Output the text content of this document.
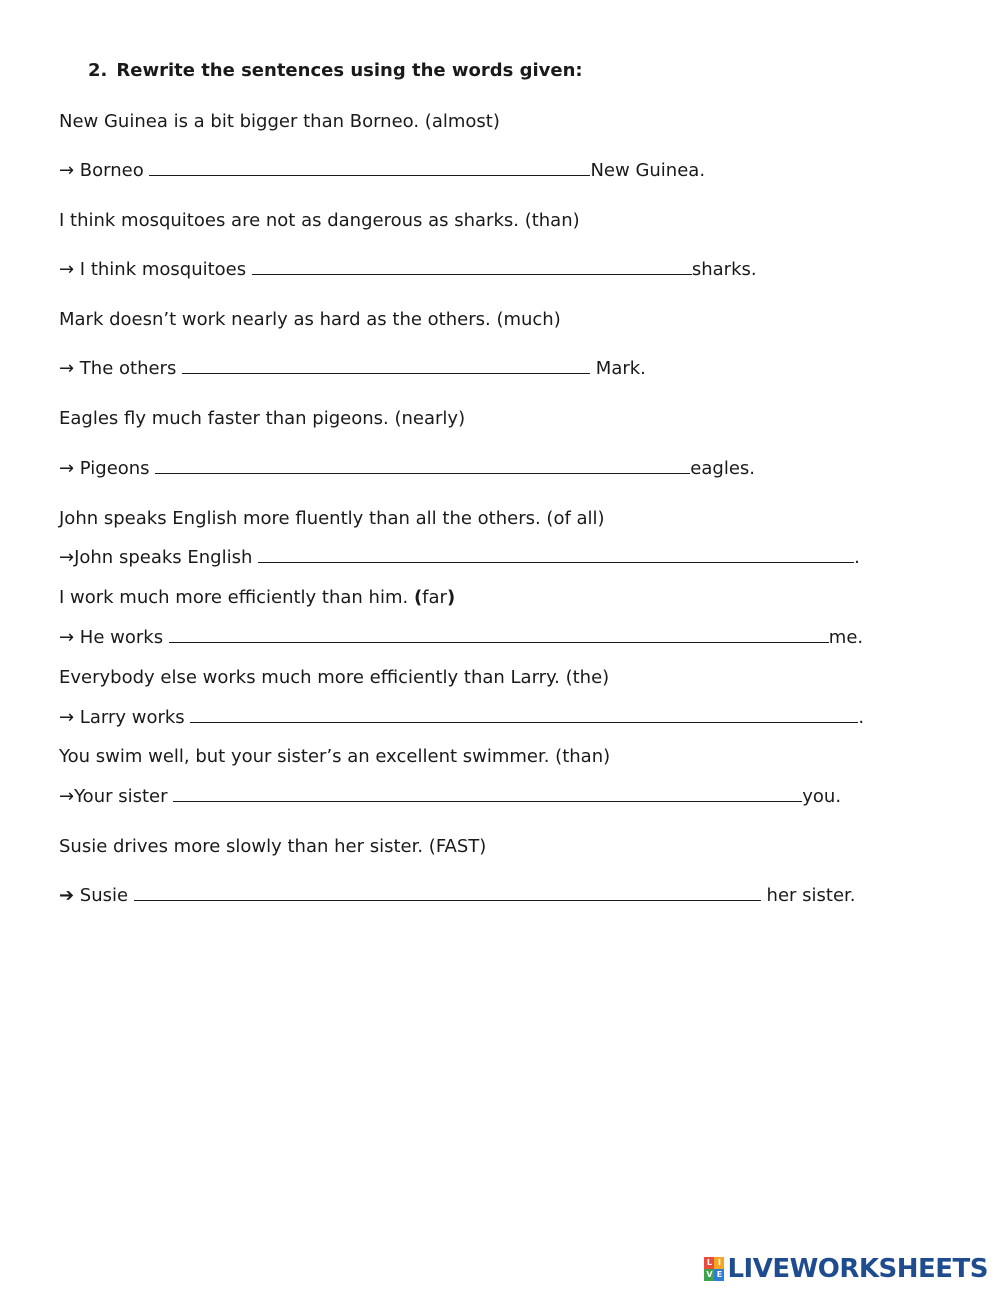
2. Rewrite the sentences using the words given:
New Guinea is a bit bigger than Borneo. (almost)
→ Borneo	New Guinea.
I think mosquitoes are not as dangerous as sharks. (than)
→ I think mosquitoes	sharks.
Mark doesn’t work nearly as hard as the others. (much)
→ The others	Mark.
Eagles fly much faster than pigeons. (nearly)
→ Pigeons	eagles.
John speaks English more fluently than all the others. (of all)
→John speaks English	.
I work much more efficiently than him. (far)
→ He works	me.
Everybody else works much more efficiently than Larry. (the)
→ Larry works	.
You swim well, but your sister’s an excellent swimmer. (than)
→Your sister	you.
Susie drives more slowly than her sister. (FAST)
➔ Susie	her sister.
L I
V E LIVEWORKSHEETS
